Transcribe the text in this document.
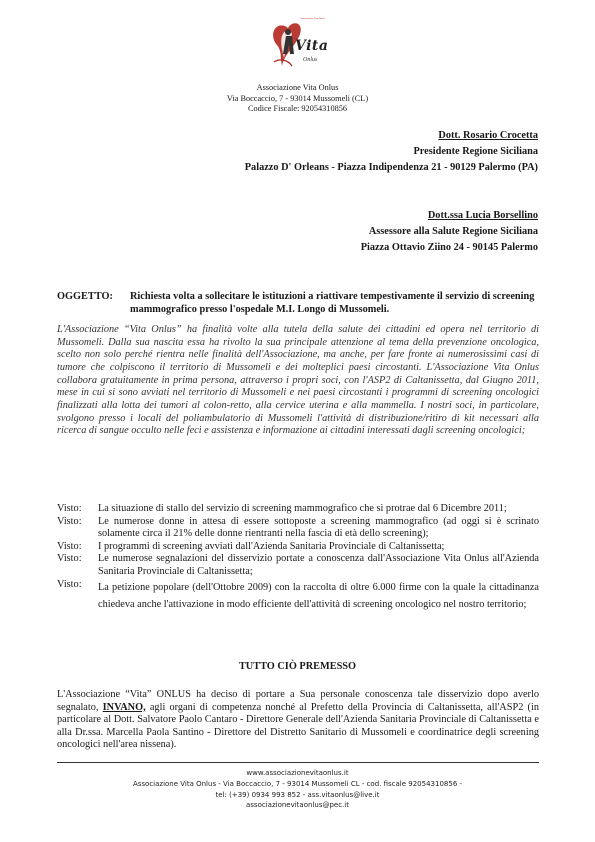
Associazione Vita Onlus
Vita
Onlus
Associazione Vita Onlus
Via Boccaccio, 7 - 93014 Mussomeli (CL)
Codice Fiscale: 92054310856
Dott. Rosario Crocetta
Presidente Regione Siciliana
Palazzo D' Orleans - Piazza Indipendenza 21 - 90129 Palermo (PA)
Dott.ssa Lucia Borsellino
Assessore alla Salute Regione Siciliana
Piazza Ottavio Ziino 24 - 90145 Palermo
OGGETTO:	Richiesta volta a sollecitare le istituzioni a riattivare tempestivamente il servizio di screening mammografico presso l'ospedale M.I. Longo di Mussomeli.
L'Associazione “Vita Onlus” ha finalità volte alla tutela della salute dei cittadini ed opera nel territorio di Mussomeli. Dalla sua nascita essa ha rivolto la sua principale attenzione al tema della prevenzione oncologica, scelto non solo perché rientra nelle finalità dell'Associazione, ma anche, per fare fronte ai numerosissimi casi di tumore che colpiscono il territorio di Mussomeli e dei molteplici paesi circostanti. L'Associazione Vita Onlus collabora gratuitamente in prima persona, attraverso i propri soci, con l'ASP2 di Caltanissetta, dal Giugno 2011, mese in cui si sono avviati nel territorio di Mussomeli e nei paesi circostanti i programmi di screening oncologici finalizzati alla lotta dei tumori al colon-retto, alla cervice uterina e alla mammella. I nostri soci, in particolare, svolgono presso i locali del poliambulatorio di Mussomeli l'attività di distribuzione/ritiro di kit necessari alla ricerca di sangue occulto nelle feci e assistenza e informazione ai cittadini interessati dagli screening oncologici;
Visto:	La situazione di stallo del servizio di screening mammografico che si protrae dal 6 Dicembre 2011;
Visto:	Le numerose donne in attesa di essere sottoposte a screening mammografico (ad oggi si è scrinato solamente circa il 21% delle donne rientranti nella fascia di età dello screening);
Visto:	I programmi di screening avviati dall'Azienda Sanitaria Provinciale di Caltanissetta;
Visto:	Le numerose segnalazioni del disservizio portate a conoscenza dall'Associazione Vita Onlus all'Azienda Sanitaria Provinciale di Caltanissetta;
Visto:	La petizione popolare (dell'Ottobre 2009) con la raccolta di oltre 6.000 firme con la quale la cittadinanza chiedeva anche l'attivazione in modo efficiente dell'attività di screening oncologico nel nostro territorio;
TUTTO CIÒ PREMESSO
L'Associazione “Vita” ONLUS ha deciso di portare a Sua personale conoscenza tale disservizio dopo averlo segnalato, INVANO, agli organi di competenza nonché al Prefetto della Provincia di Caltanissetta, all'ASP2 (in particolare al Dott. Salvatore Paolo Cantaro - Direttore Generale dell'Azienda Sanitaria Provinciale di Caltanissetta e alla Dr.ssa. Marcella Paola Santino - Direttore del Distretto Sanitario di Mussomeli e coordinatrice degli screening oncologici nell'area nissena).
www.associazionevitaonlus.it
Associazione Vita Onlus - Via Boccaccio, 7 - 93014 Mussomeli CL - cod. fiscale 92054310856 -
tel: (+39) 0934 993 852 - ass.vitaonlus@live.it
associazionevitaonlus@pec.it
